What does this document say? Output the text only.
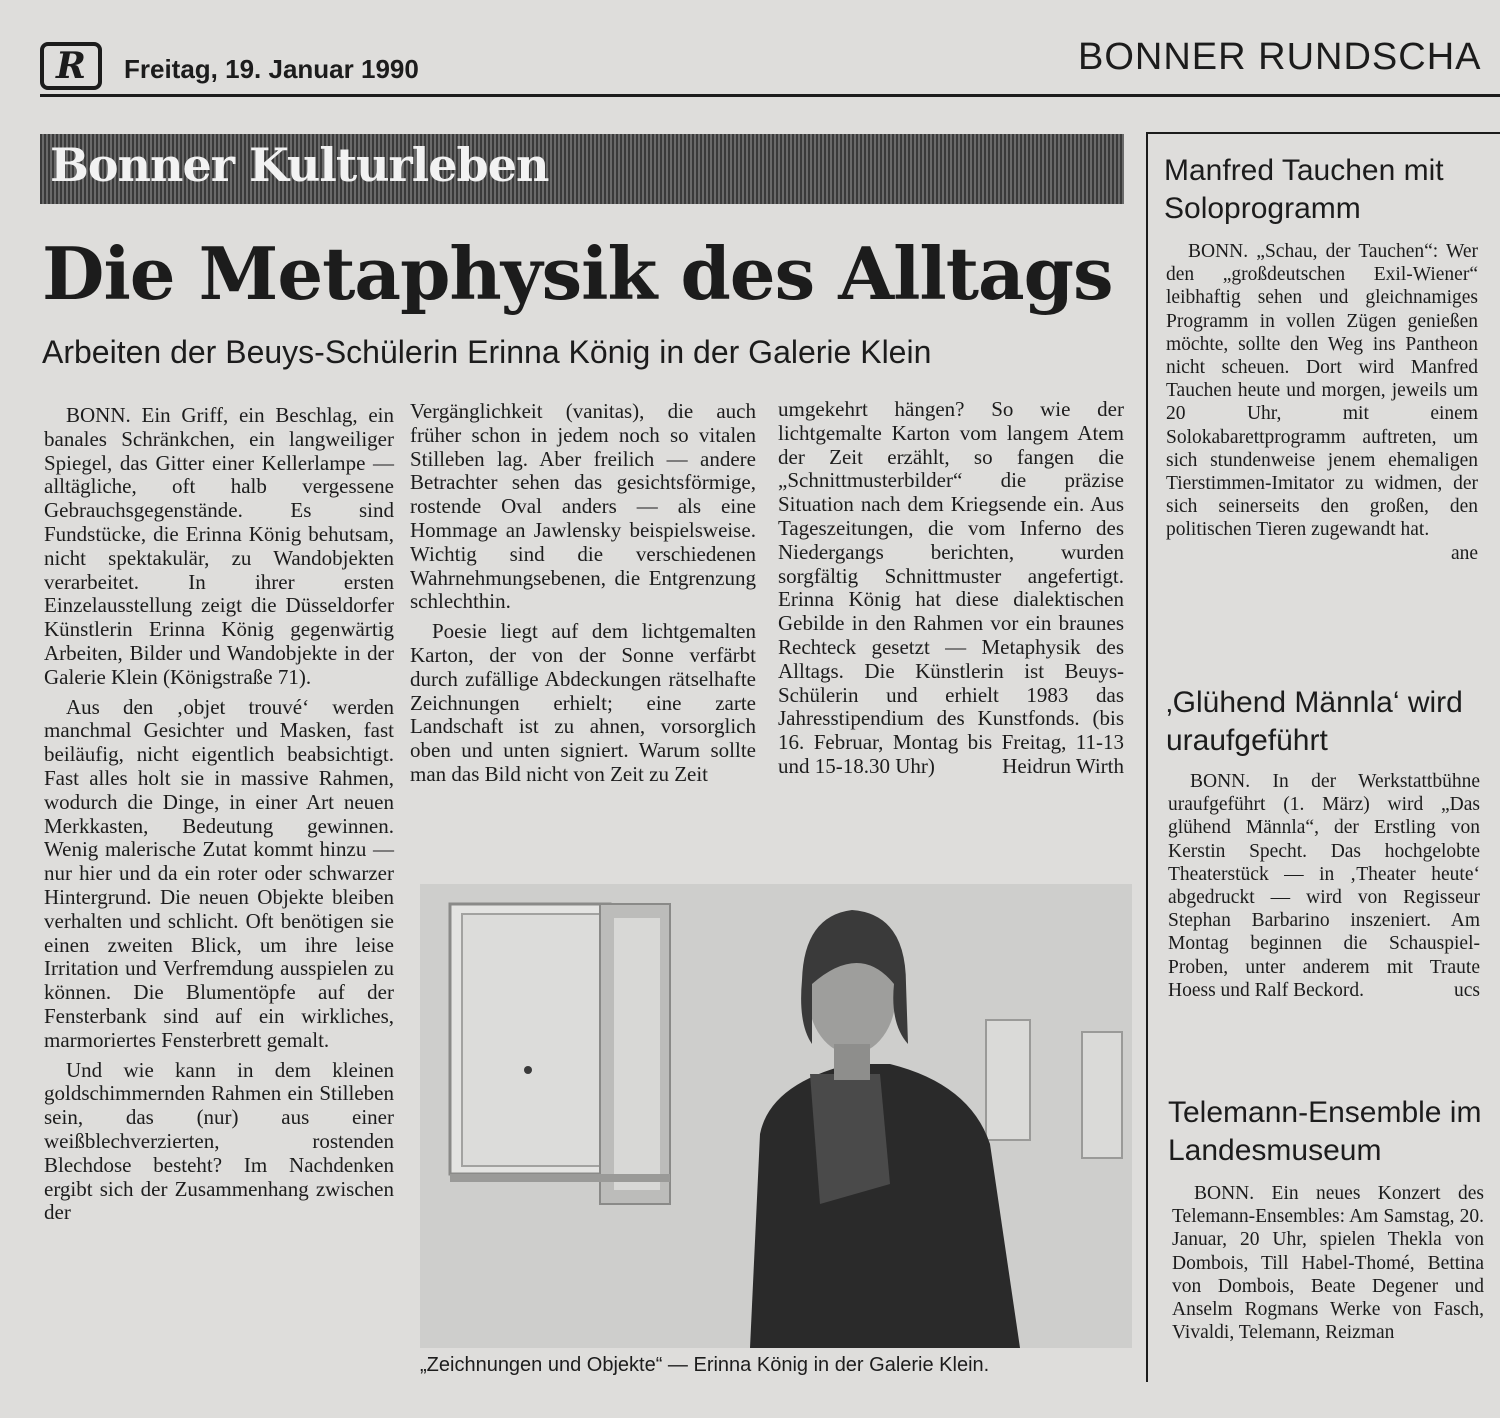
R Freitag, 19. Januar 1990	BONNER RUNDSCHA
Bonner Kulturleben
Die Metaphysik des Alltags
Arbeiten der Beuys-Schülerin Erinna König in der Galerie Klein

BONN. Ein Griff, ein Beschlag, ein banales Schränkchen, ein langweiliger Spiegel, das Gitter einer Kellerlampe — alltägliche, oft halb vergessene Gebrauchsgegenstände. Es sind Fundstücke, die Erinna König behutsam, nicht spektakulär, zu Wandobjekten verarbeitet. In ihrer ersten Einzelausstellung zeigt die Düsseldorfer Künstlerin Erinna König gegenwärtig Arbeiten, Bilder und Wandobjekte in der Galerie Klein (Königstraße 71).

Aus den ‚objet trouvé‘ werden manchmal Gesichter und Masken, fast beiläufig, nicht eigentlich beabsichtigt. Fast alles holt sie in massive Rahmen, wodurch die Dinge, in einer Art neuen Merkkasten, Bedeutung gewinnen. Wenig malerische Zutat kommt hinzu — nur hier und da ein roter oder schwarzer Hintergrund. Die neuen Objekte bleiben verhalten und schlicht. Oft benötigen sie einen zweiten Blick, um ihre leise Irritation und Verfremdung ausspielen zu können. Die Blumentöpfe auf der Fensterbank sind auf ein wirkliches, marmoriertes Fensterbrett gemalt.

Und wie kann in dem kleinen goldschimmernden Rahmen ein Stilleben sein, das (nur) aus einer weißblechverzierten, rostenden Blechdose besteht? Im Nachdenken ergibt sich der Zusammenhang zwischen der

Vergänglichkeit (vanitas), die auch früher schon in jedem noch so vitalen Stilleben lag. Aber freilich — andere Betrachter sehen das gesichtsförmige, rostende Oval anders — als eine Hommage an Jawlensky beispielsweise. Wichtig sind die verschiedenen Wahrnehmungsebenen, die Entgrenzung schlechthin.

Poesie liegt auf dem lichtgemalten Karton, der von der Sonne verfärbt durch zufällige Abdeckungen rätselhafte Zeichnungen erhielt; eine zarte Landschaft ist zu ahnen, vorsorglich oben und unten signiert. Warum sollte man das Bild nicht von Zeit zu Zeit

umgekehrt hängen? So wie der lichtgemalte Karton vom langem Atem der Zeit erzählt, so fangen die „Schnittmusterbilder“ die präzise Situation nach dem Kriegsende ein. Aus Tageszeitungen, die vom Inferno des Niedergangs berichten, wurden sorgfältig Schnittmuster angefertigt. Erinna König hat diese dialektischen Gebilde in den Rahmen vor ein braunes Rechteck gesetzt — Metaphysik des Alltags. Die Künstlerin ist Beuys-Schülerin und erhielt 1983 das Jahresstipendium des Kunstfonds. (bis 16. Februar, Montag bis Freitag, 11-13 und 15-18.30 Uhr)	Heidrun Wirth

„Zeichnungen und Objekte“ — Erinna König in der Galerie Klein.
Manfred Tauchen mit Soloprogramm

BONN. „Schau, der Tauchen“: Wer den „großdeutschen Exil-Wiener“ leibhaftig sehen und gleichnamiges Programm in vollen Zügen genießen möchte, sollte den Weg ins Pantheon nicht scheuen. Dort wird Manfred Tauchen heute und morgen, jeweils um 20 Uhr, mit einem Solokabarettprogramm auftreten, um sich stundenweise jenem ehemaligen Tierstimmen-Imitator zu widmen, der sich seinerseits den großen, den politischen Tieren zugewandt hat.
ane

‚Glühend Männla‘ wird uraufgeführt

BONN. In der Werkstattbühne uraufgeführt (1. März) wird „Das glühend Männla“, der Erstling von Kerstin Specht. Das hochgelobte Theaterstück — in ‚Theater heute‘ abgedruckt — wird von Regisseur Stephan Barbarino inszeniert. Am Montag beginnen die Schauspiel-Proben, unter anderem mit Traute Hoess und Ralf Beckord.	ucs

Telemann-Ensemble im Landesmuseum

BONN. Ein neues Konzert des Telemann-Ensembles: Am Samstag, 20. Januar, 20 Uhr, spielen Thekla von Dombois, Till Habel-Thomé, Bettina von Dombois, Beate Degener und Anselm Rogmans Werke von Fasch, Vivaldi, Telemann, Reizman
